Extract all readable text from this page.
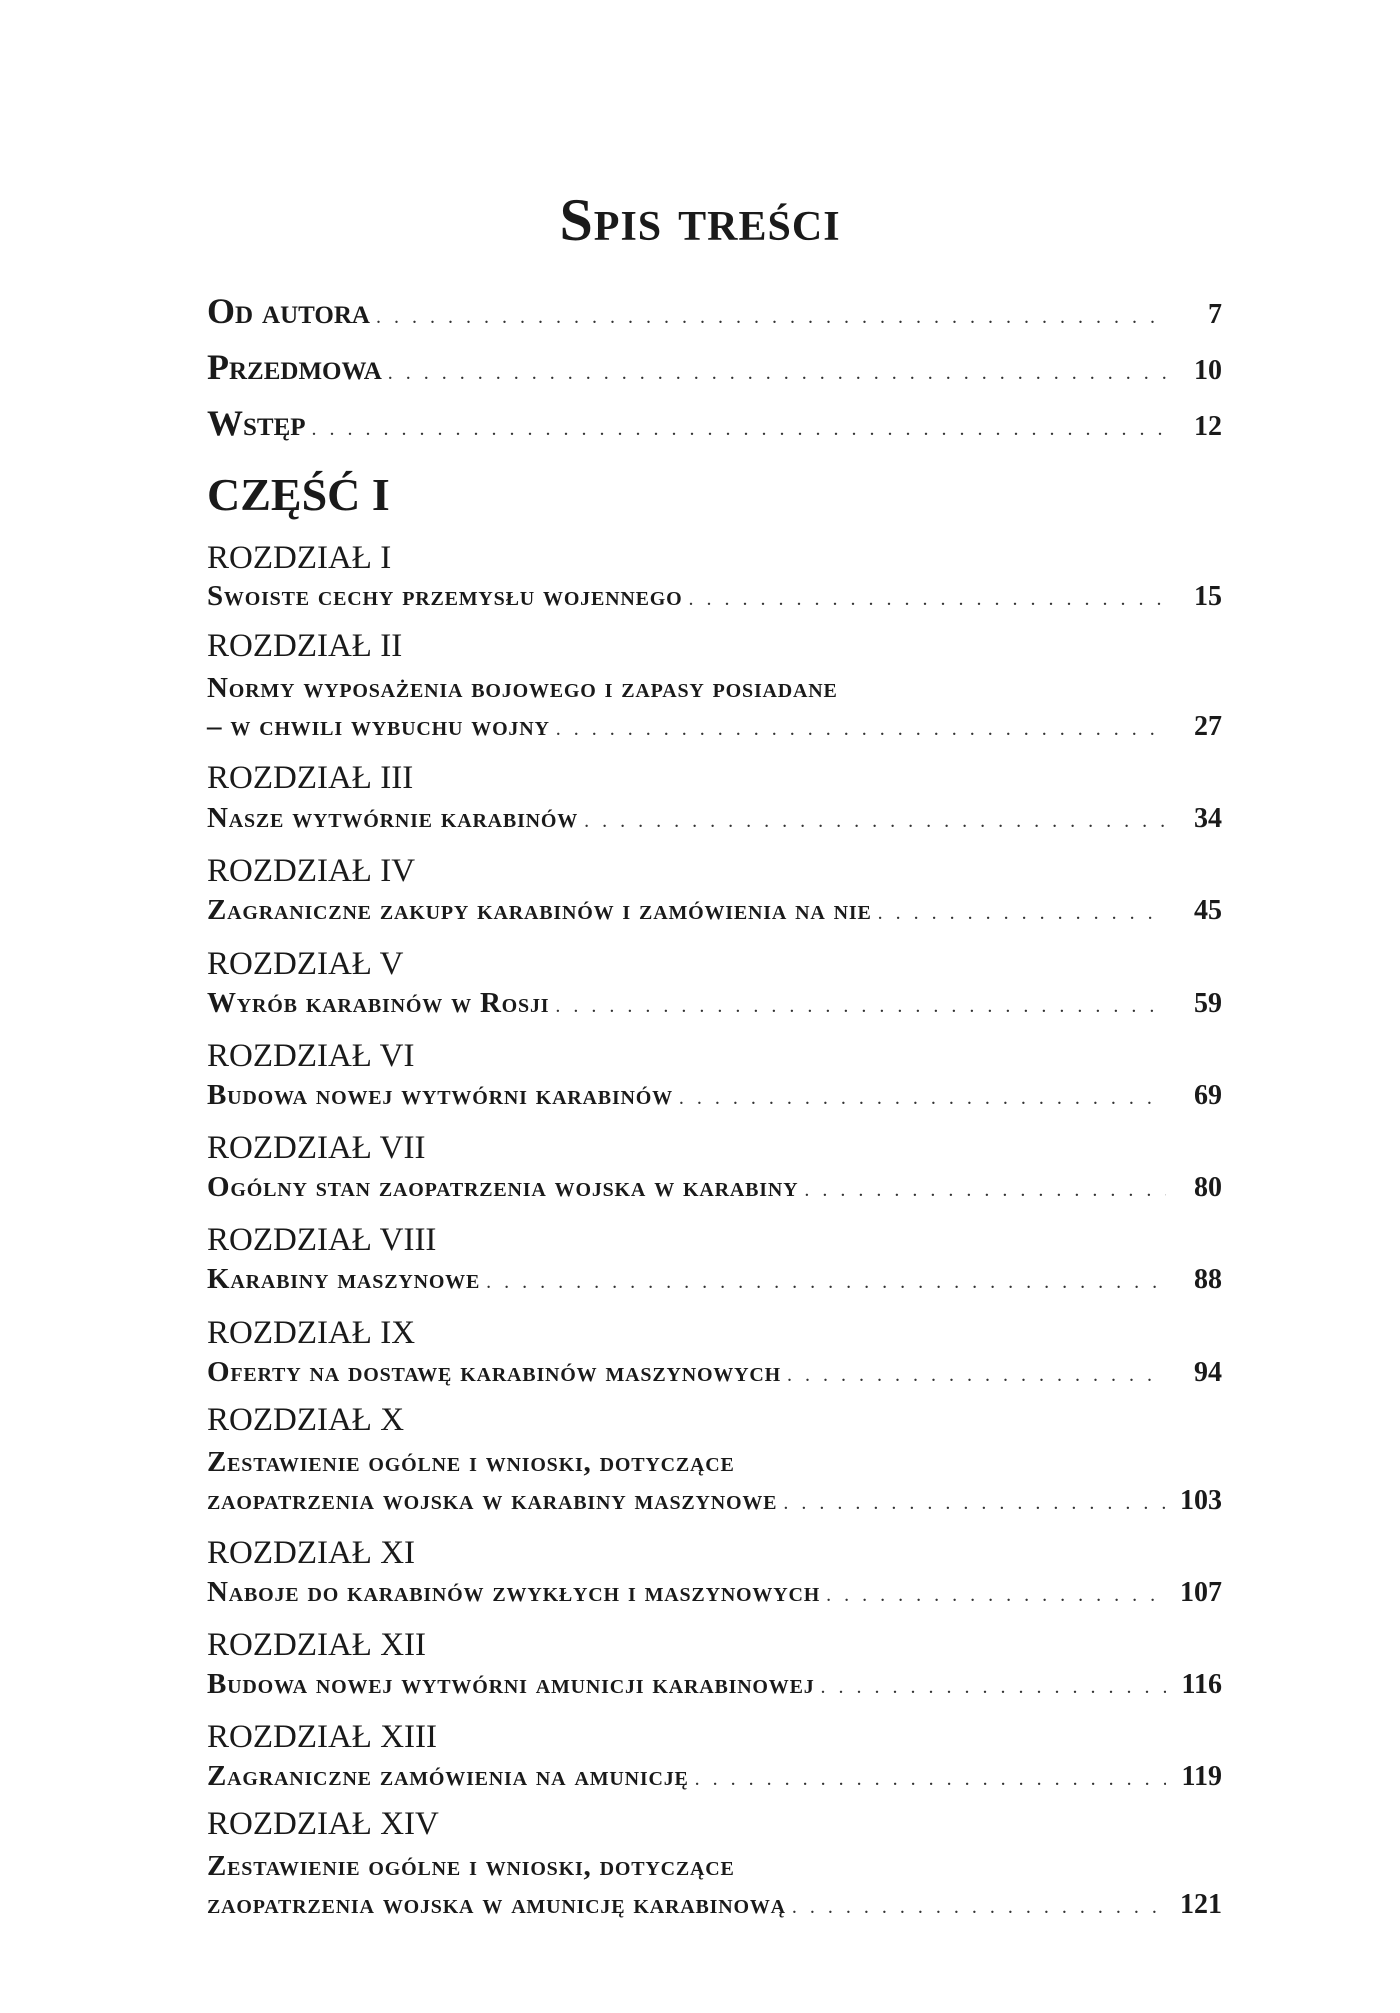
Spis treści
Od autora . . .	7
Przedmowa . . .	10
Wstęp . . .	12
CZĘŚĆ I
ROZDZIAŁ I
Swoiste cechy przemysłu wojennego . . .	15
ROZDZIAŁ II
Normy wyposażenia bojowego i zapasy posiadane
– w chwili wybuchu wojny . . .	27
ROZDZIAŁ III
Nasze wytwórnie karabinów . . .	34
ROZDZIAŁ IV
Zagraniczne zakupy karabinów i zamówienia na nie . . .	45
ROZDZIAŁ V
Wyrób karabinów w Rosji . . .	59
ROZDZIAŁ VI
Budowa nowej wytwórni karabinów . . .	69
ROZDZIAŁ VII
Ogólny stan zaopatrzenia wojska w karabiny . . .	80
ROZDZIAŁ VIII
Karabiny maszynowe . . .	88
ROZDZIAŁ IX
Oferty na dostawę karabinów maszynowych . . .	94
ROZDZIAŁ X
Zestawienie ogólne i wnioski, dotyczące
zaopatrzenia wojska w karabiny maszynowe . . .	103
ROZDZIAŁ XI
Naboje do karabinów zwykłych i maszynowych . . .	107
ROZDZIAŁ XII
Budowa nowej wytwórni amunicji karabinowej . . .	116
ROZDZIAŁ XIII
Zagraniczne zamówienia na amunicję . . .	119
ROZDZIAŁ XIV
Zestawienie ogólne i wnioski, dotyczące
zaopatrzenia wojska w amunicję karabinową . . .	121
